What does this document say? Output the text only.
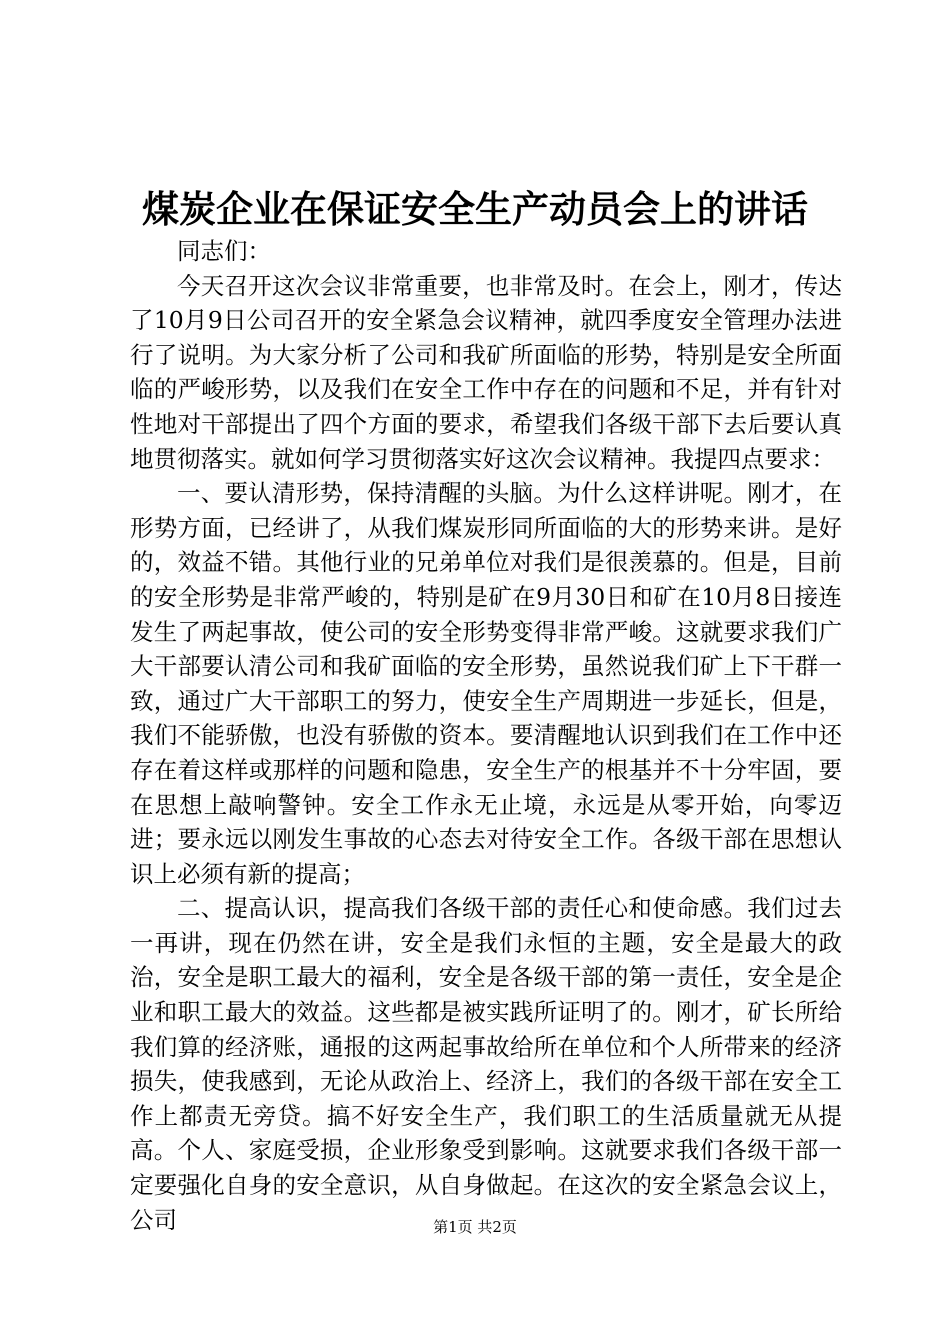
煤炭企业在保证安全生产动员会上的讲话

同志们：

今天召开这次会议非常重要，也非常及时。在会上，刚才，传达了10月9日公司召开的安全紧急会议精神，就四季度安全管理办法进行了说明。为大家分析了公司和我矿所面临的形势，特别是安全所面临的严峻形势，以及我们在安全工作中存在的问题和不足，并有针对性地对干部提出了四个方面的要求，希望我们各级干部下去后要认真地贯彻落实。就如何学习贯彻落实好这次会议精神。我提四点要求：

一、要认清形势，保持清醒的头脑。为什么这样讲呢。刚才，在形势方面，已经讲了，从我们煤炭形同所面临的大的形势来讲。是好的，效益不错。其他行业的兄弟单位对我们是很羡慕的。但是，目前的安全形势是非常严峻的，特别是矿在9月30日和矿在10月8日接连发生了两起事故，使公司的安全形势变得非常严峻。这就要求我们广大干部要认清公司和我矿面临的安全形势，虽然说我们矿上下干群一致，通过广大干部职工的努力，使安全生产周期进一步延长，但是，我们不能骄傲，也没有骄傲的资本。要清醒地认识到我们在工作中还存在着这样或那样的问题和隐患，安全生产的根基并不十分牢固，要在思想上敲响警钟。安全工作永无止境，永远是从零开始，向零迈进；要永远以刚发生事故的心态去对待安全工作。各级干部在思想认识上必须有新的提高；

二、提高认识，提高我们各级干部的责任心和使命感。我们过去一再讲，现在仍然在讲，安全是我们永恒的主题，安全是最大的政治，安全是职工最大的福利，安全是各级干部的第一责任，安全是企业和职工最大的效益。这些都是被实践所证明了的。刚才，矿长所给我们算的经济账，通报的这两起事故给所在单位和个人所带来的经济损失，使我感到，无论从政治上、经济上，我们的各级干部在安全工作上都责无旁贷。搞不好安全生产，我们职工的生活质量就无从提高。个人、家庭受损，企业形象受到影响。这就要求我们各级干部一定要强化自身的安全意识，从自身做起。在这次的安全紧急会议上，公司	第1页 共2页
